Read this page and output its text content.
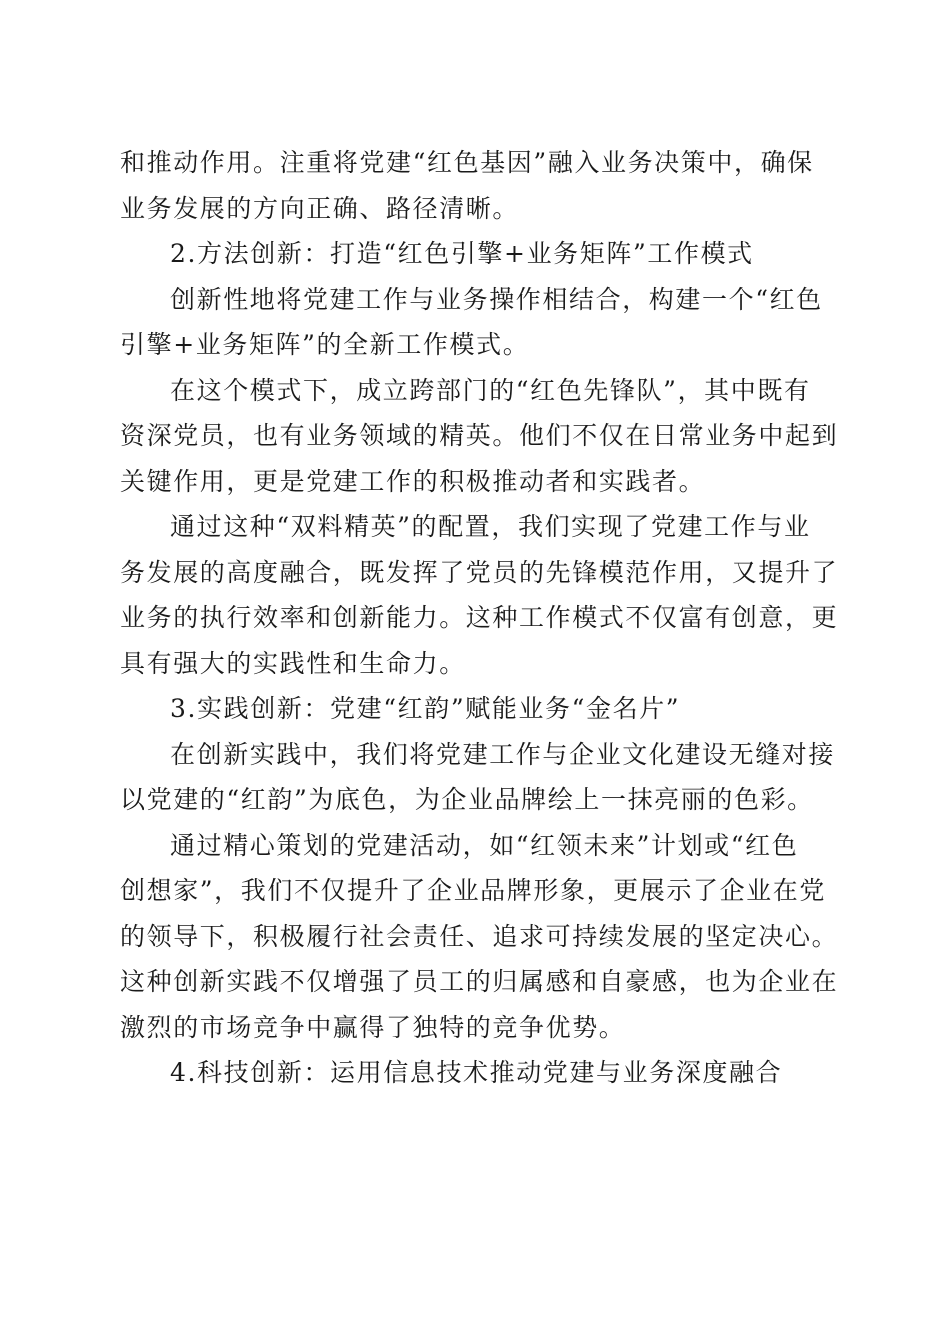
和推动作用。注重将党建“红色基因”融入业务决策中，确保
业务发展的方向正确、路径清晰。
2.方法创新：打造“红色引擎+业务矩阵”工作模式
创新性地将党建工作与业务操作相结合，构建一个“红色
引擎+业务矩阵”的全新工作模式。
在这个模式下，成立跨部门的“红色先锋队”，其中既有
资深党员，也有业务领域的精英。他们不仅在日常业务中起到
关键作用，更是党建工作的积极推动者和实践者。
通过这种“双料精英”的配置，我们实现了党建工作与业
务发展的高度融合，既发挥了党员的先锋模范作用，又提升了
业务的执行效率和创新能力。这种工作模式不仅富有创意，更
具有强大的实践性和生命力。
3.实践创新：党建“红韵”赋能业务“金名片”
在创新实践中，我们将党建工作与企业文化建设无缝对接
以党建的“红韵”为底色，为企业品牌绘上一抹亮丽的色彩。
通过精心策划的党建活动，如“红领未来”计划或“红色
创想家”，我们不仅提升了企业品牌形象，更展示了企业在党
的领导下，积极履行社会责任、追求可持续发展的坚定决心。
这种创新实践不仅增强了员工的归属感和自豪感，也为企业在
激烈的市场竞争中赢得了独特的竞争优势。
4.科技创新：运用信息技术推动党建与业务深度融合
